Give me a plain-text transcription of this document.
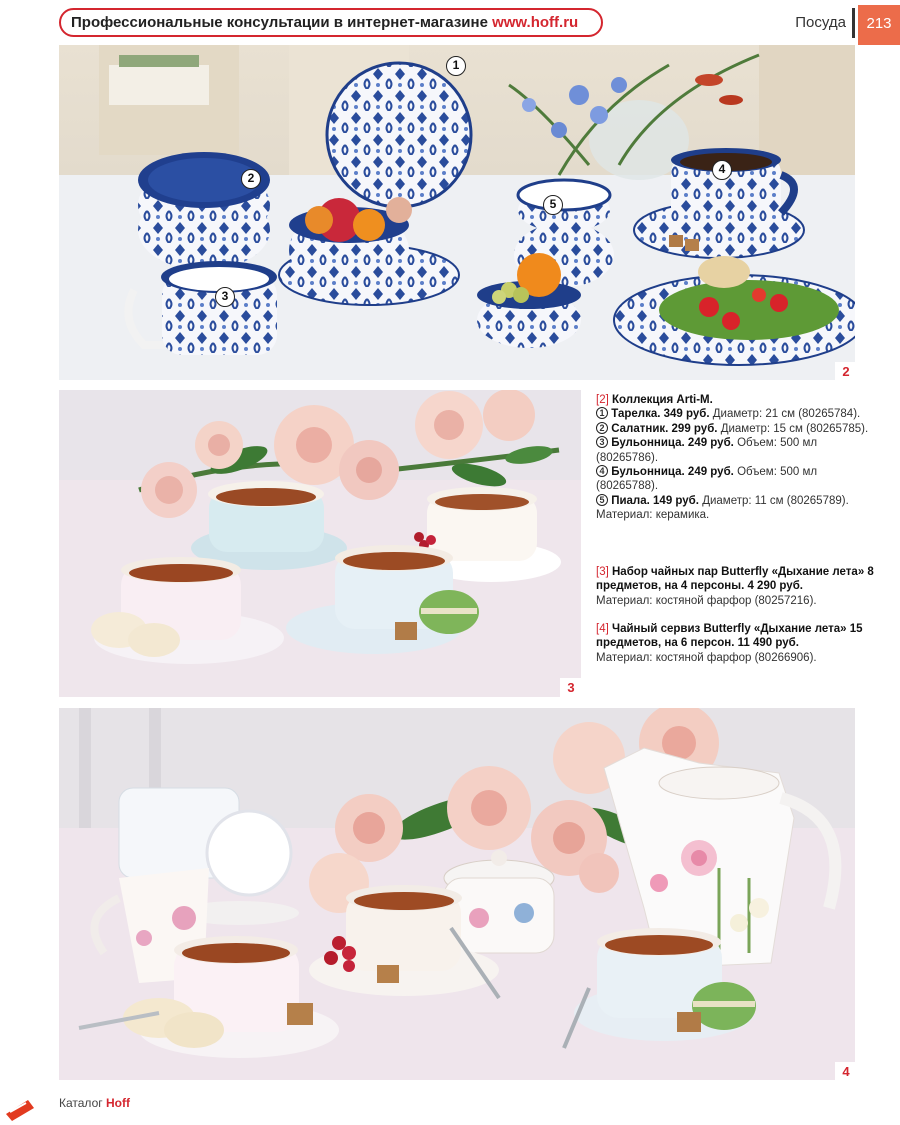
Профессиональные консультации в интернет-магазине www.hoff.ru	Посуда	213
1
2
3
4
5
2
3
[2] Коллекция Arti-M.
1 Тарелка. 349 руб. Диаметр: 21 см (80265784).
2 Салатник. 299 руб. Диаметр: 15 см (80265785).
3 Бульонница. 249 руб. Объем: 500 мл (80265786).
4 Бульонница. 249 руб. Объем: 500 мл (80265788).
5 Пиала. 149 руб. Диаметр: 11 см (80265789). Материал: керамика.
[3] Набор чайных пар Butterfly «Дыхание лета» 8 предметов, на 4 персоны. 4 290 руб.
Материал: костяной фарфор (80257216).
[4] Чайный сервиз Butterfly «Дыхание лета» 15 предметов, на 6 персон. 11 490 руб.
Материал: костяной фарфор (80266906).
4
Каталог Hoff
